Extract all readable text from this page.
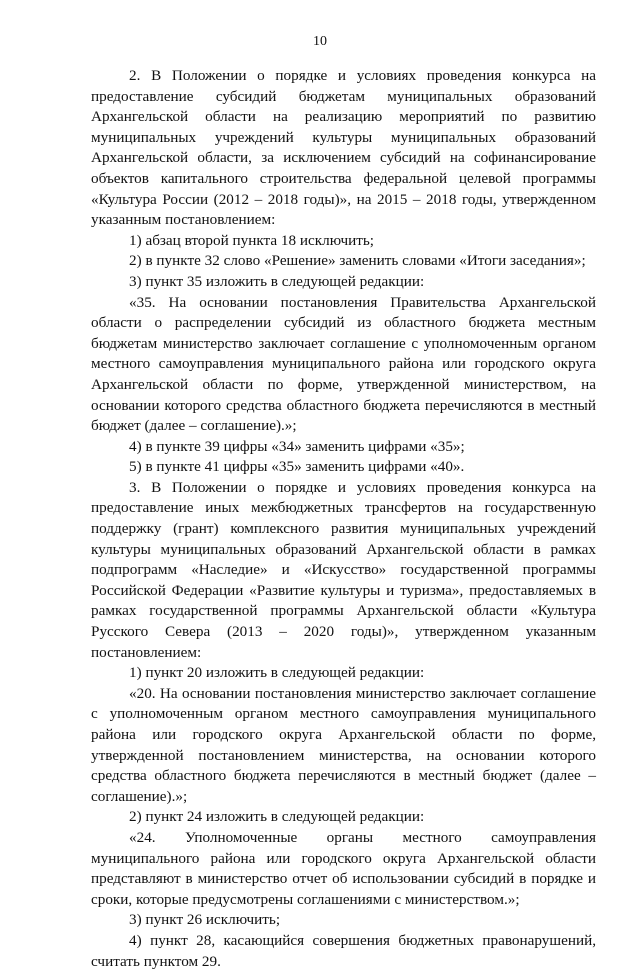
10

2. В Положении о порядке и условиях проведения конкурса на предоставление субсидий бюджетам муниципальных образований Архангельской области на реализацию мероприятий по развитию муниципальных учреждений культуры муниципальных образований Архангельской области, за исключением субсидий на софинансирование объектов капитального строительства федеральной целевой программы «Культура России (2012 – 2018 годы)», на 2015 – 2018 годы, утвержденном указанным постановлением:

1) абзац второй пункта 18 исключить;

2) в пункте 32 слово «Решение» заменить словами «Итоги заседания»;

3) пункт 35 изложить в следующей редакции:

«35. На основании постановления Правительства Архангельской области о распределении субсидий из областного бюджета местным бюджетам министерство заключает соглашение с уполномоченным органом местного самоуправления муниципального района или городского округа Архангельской области по форме, утвержденной министерством, на основании которого средства областного бюджета перечисляются в местный бюджет (далее – соглашение).»;

4) в пункте 39 цифры «34» заменить цифрами «35»;

5) в пункте 41 цифры «35» заменить цифрами «40».

3. В Положении о порядке и условиях проведения конкурса на предоставление иных межбюджетных трансфертов на государственную поддержку (грант) комплексного развития муниципальных учреждений культуры муниципальных образований Архангельской области в рамках подпрограмм «Наследие» и «Искусство» государственной программы Российской Федерации «Развитие культуры и туризма», предоставляемых в рамках государственной программы Архангельской области «Культура Русского Севера (2013 – 2020 годы)», утвержденном указанным постановлением:

1) пункт 20 изложить в следующей редакции:

«20. На основании постановления министерство заключает соглашение с уполномоченным органом местного самоуправления муниципального района или городского округа Архангельской области по форме, утвержденной постановлением министерства, на основании которого средства областного бюджета перечисляются в местный бюджет (далее – соглашение).»;

2) пункт 24 изложить в следующей редакции:

«24. Уполномоченные органы местного самоуправления муниципального района или городского округа Архангельской области представляют в министерство отчет об использовании субсидий в порядке и сроки, которые предусмотрены соглашениями с министерством.»;

3) пункт 26 исключить;

4) пункт 28, касающийся совершения бюджетных правонарушений, считать пунктом 29.
